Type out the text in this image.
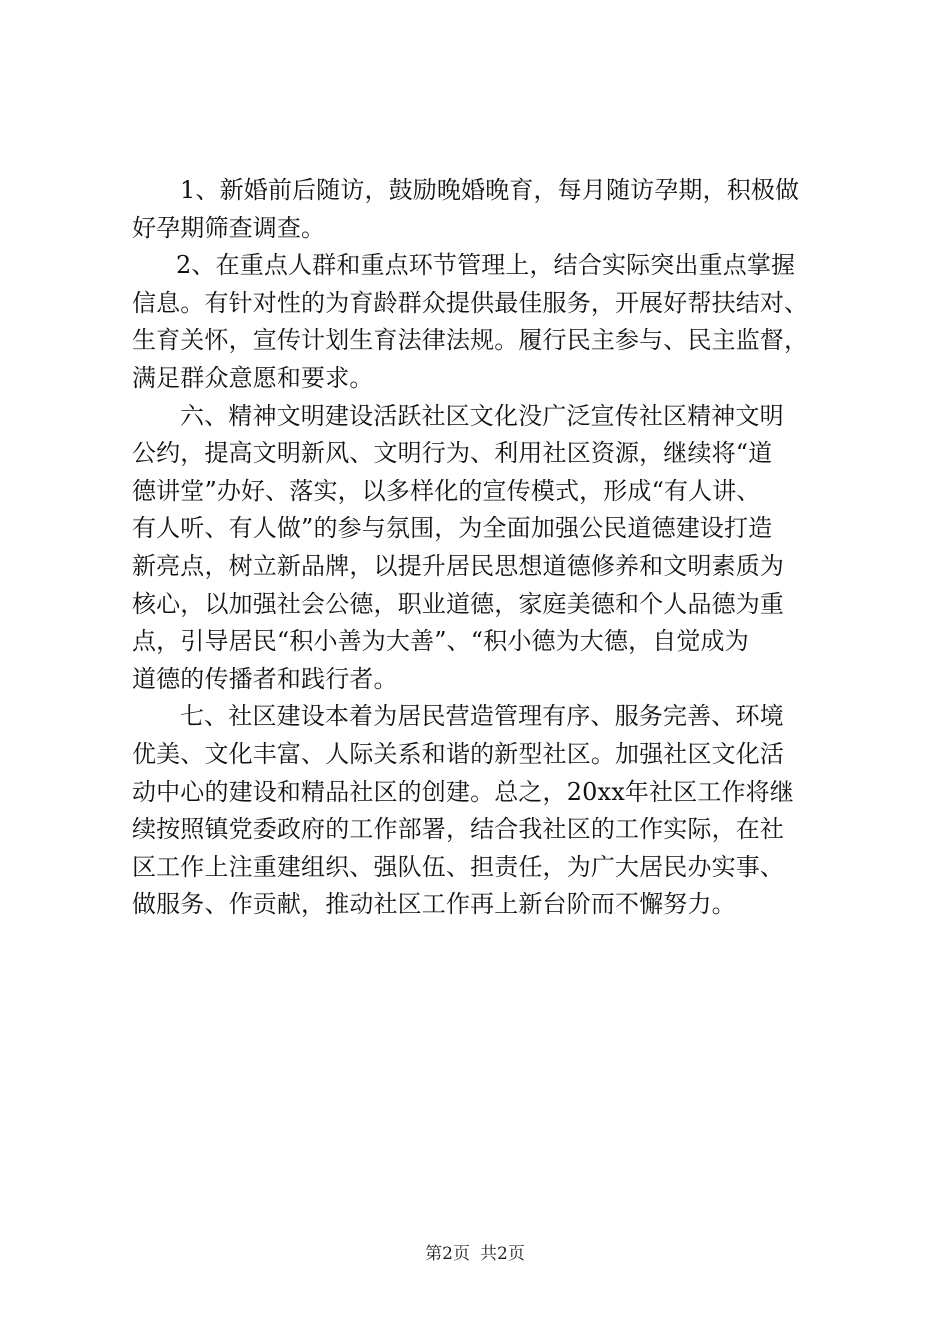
1、新婚前后随访，鼓励晚婚晚育，每月随访孕期，积极做
好孕期筛查调查。
2、在重点人群和重点环节管理上，结合实际突出重点掌握
信息。有针对性的为育龄群众提供最佳服务，开展好帮扶结对、
生育关怀，宣传计划生育法律法规。履行民主参与、民主监督，
满足群众意愿和要求。
六、精神文明建设活跃社区文化没广泛宣传社区精神文明
公约，提高文明新风、文明行为、利用社区资源，继续将“道
德讲堂”办好、落实，以多样化的宣传模式，形成“有人讲、
有人听、有人做”的参与氛围，为全面加强公民道德建设打造
新亮点，树立新品牌，以提升居民思想道德修养和文明素质为
核心，以加强社会公德，职业道德，家庭美德和个人品德为重
点，引导居民“积小善为大善”、“积小德为大德，自觉成为
道德的传播者和践行者。
七、社区建设本着为居民营造管理有序、服务完善、环境
优美、文化丰富、人际关系和谐的新型社区。加强社区文化活
动中心的建设和精品社区的创建。总之，20xx年社区工作将继
续按照镇党委政府的工作部署，结合我社区的工作实际，在社
区工作上注重建组织、强队伍、担责任，为广大居民办实事、
做服务、作贡献，推动社区工作再上新台阶而不懈努力。
第2页 共2页
